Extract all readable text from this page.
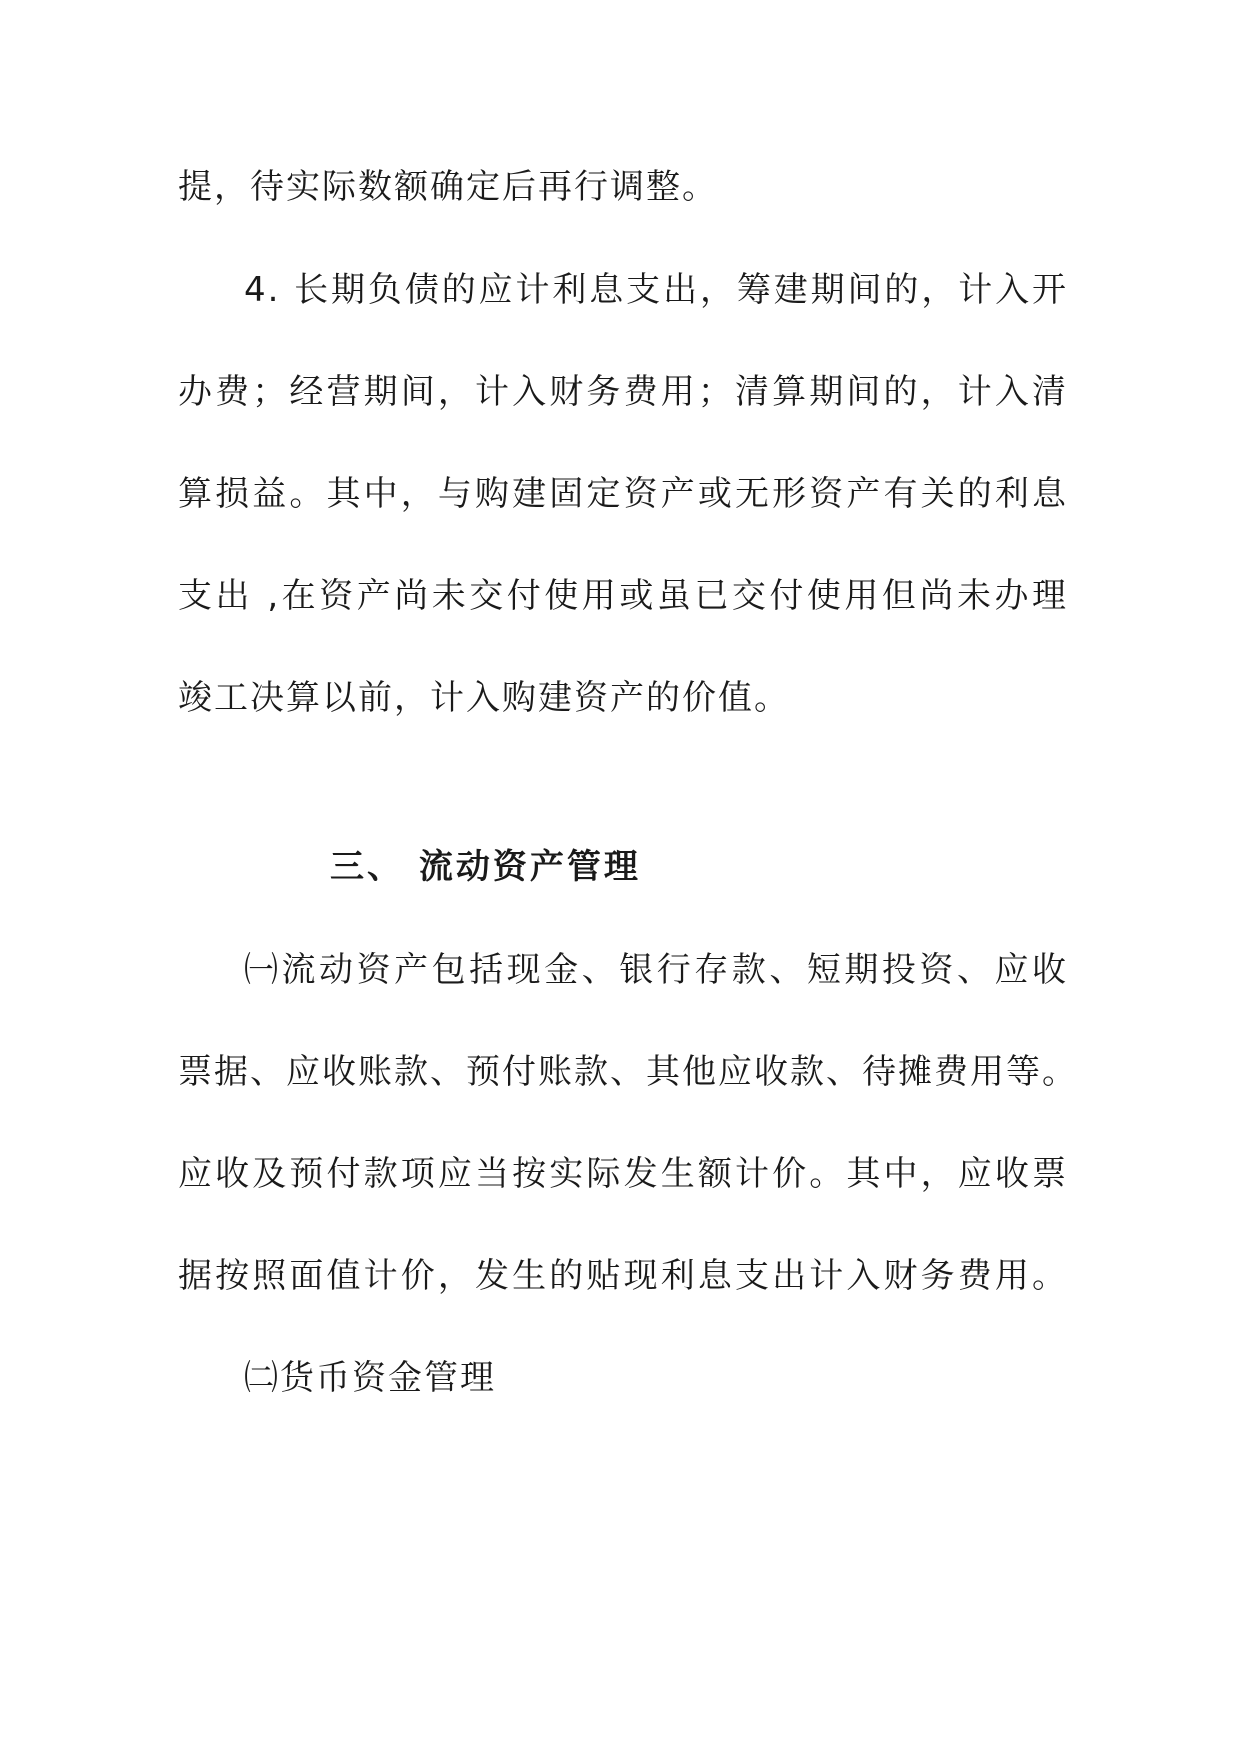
提，待实际数额确定后再行调整。
4. 长期负债的应计利息支出，筹建期间的，计入开
办费；经营期间，计入财务费用；清算期间的，计入清
算损益。其中，与购建固定资产或无形资产有关的利息
支出 ,在资产尚未交付使用或虽已交付使用但尚未办理
竣工决算以前，计入购建资产的价值。
三、 流动资产管理
㈠流动资产包括现金、银行存款、短期投资、应收
票据、应收账款、预付账款、其他应收款、待摊费用等。
应收及预付款项应当按实际发生额计价。其中，应收票
据按照面值计价，发生的贴现利息支出计入财务费用。
㈡货币资金管理
